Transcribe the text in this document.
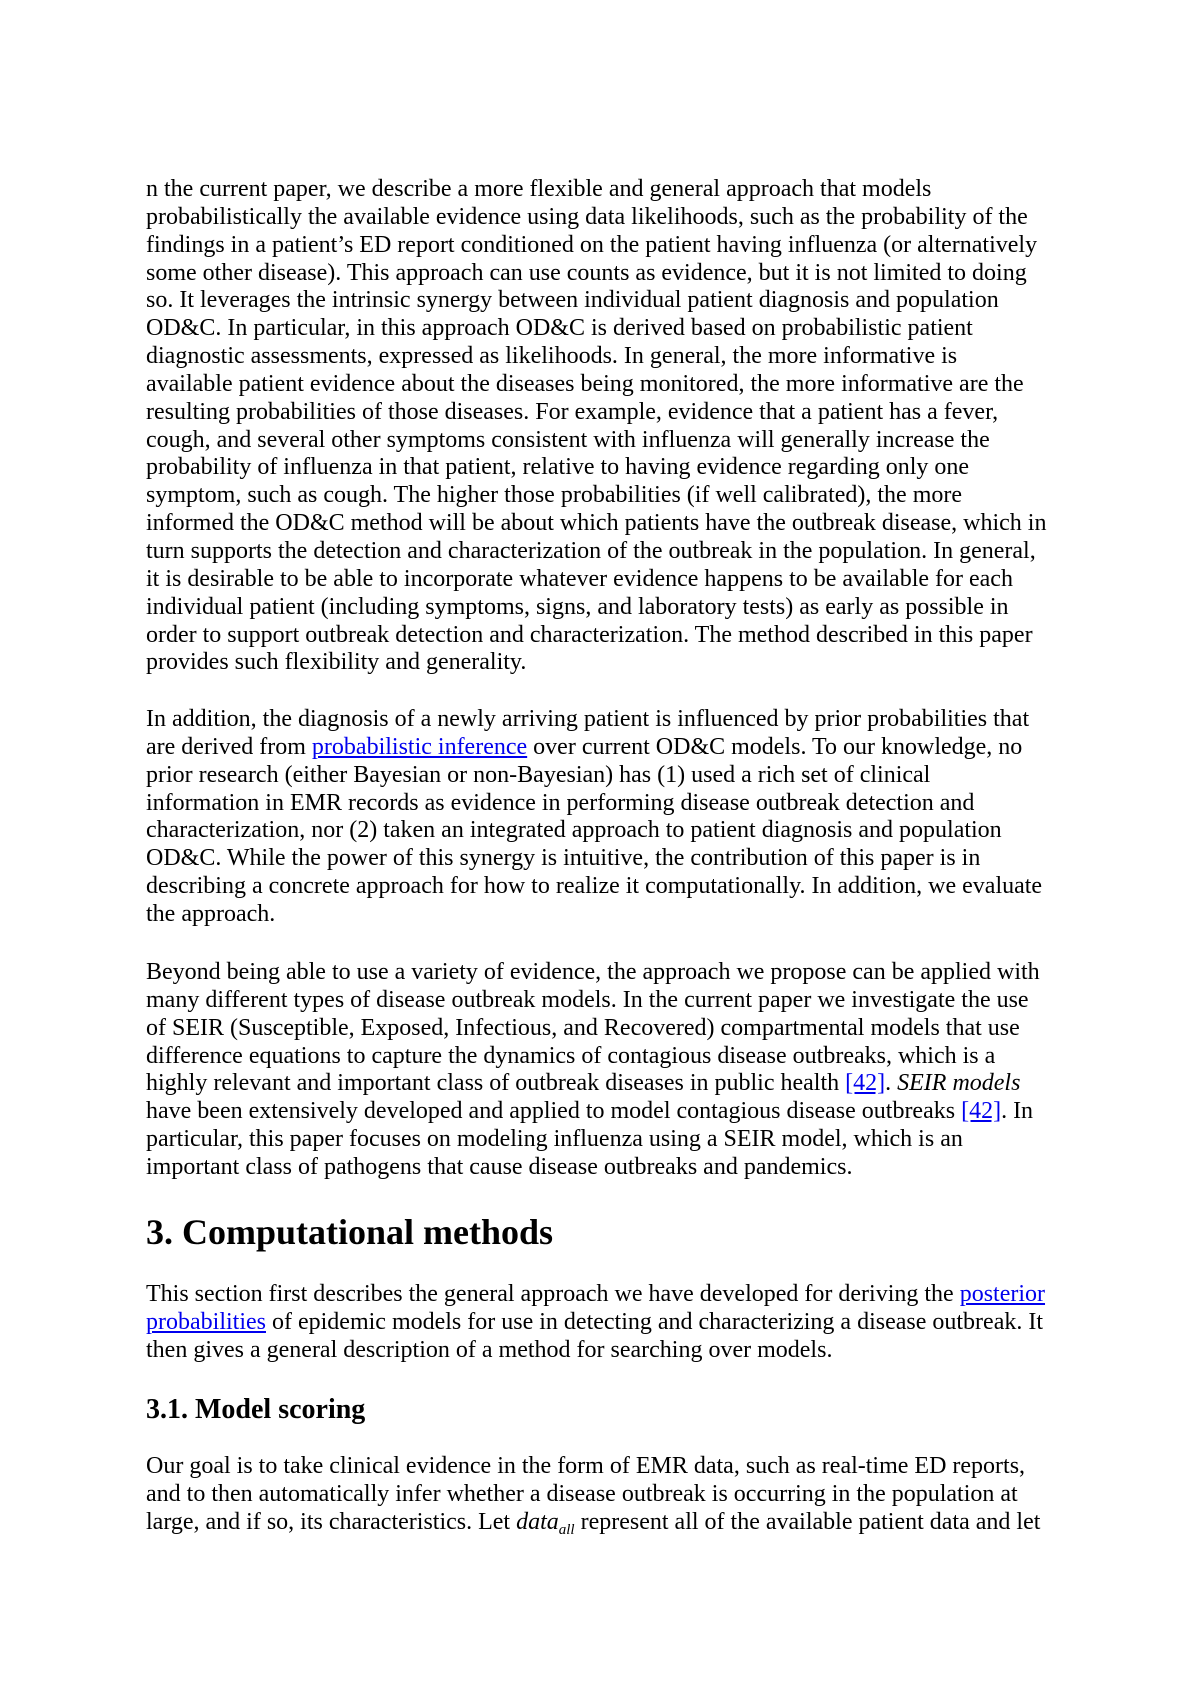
n the current paper, we describe a more flexible and general approach that models
probabilistically the available evidence using data likelihoods, such as the probability of the
findings in a patient’s ED report conditioned on the patient having influenza (or alternatively
some other disease). This approach can use counts as evidence, but it is not limited to doing
so. It leverages the intrinsic synergy between individual patient diagnosis and population
OD&C. In particular, in this approach OD&C is derived based on probabilistic patient
diagnostic assessments, expressed as likelihoods. In general, the more informative is
available patient evidence about the diseases being monitored, the more informative are the
resulting probabilities of those diseases. For example, evidence that a patient has a fever,
cough, and several other symptoms consistent with influenza will generally increase the
probability of influenza in that patient, relative to having evidence regarding only one
symptom, such as cough. The higher those probabilities (if well calibrated), the more
informed the OD&C method will be about which patients have the outbreak disease, which in
turn supports the detection and characterization of the outbreak in the population. In general,
it is desirable to be able to incorporate whatever evidence happens to be available for each
individual patient (including symptoms, signs, and laboratory tests) as early as possible in
order to support outbreak detection and characterization. The method described in this paper
provides such flexibility and generality.
In addition, the diagnosis of a newly arriving patient is influenced by prior probabilities that
are derived from probabilistic inference over current OD&C models. To our knowledge, no
prior research (either Bayesian or non-Bayesian) has (1) used a rich set of clinical
information in EMR records as evidence in performing disease outbreak detection and
characterization, nor (2) taken an integrated approach to patient diagnosis and population
OD&C. While the power of this synergy is intuitive, the contribution of this paper is in
describing a concrete approach for how to realize it computationally. In addition, we evaluate
the approach.
Beyond being able to use a variety of evidence, the approach we propose can be applied with
many different types of disease outbreak models. In the current paper we investigate the use
of SEIR (Susceptible, Exposed, Infectious, and Recovered) compartmental models that use
difference equations to capture the dynamics of contagious disease outbreaks, which is a
highly relevant and important class of outbreak diseases in public health [42]. SEIR models
have been extensively developed and applied to model contagious disease outbreaks [42]. In
particular, this paper focuses on modeling influenza using a SEIR model, which is an
important class of pathogens that cause disease outbreaks and pandemics.
3. Computational methods
This section first describes the general approach we have developed for deriving the posterior
probabilities of epidemic models for use in detecting and characterizing a disease outbreak. It
then gives a general description of a method for searching over models.
3.1. Model scoring
Our goal is to take clinical evidence in the form of EMR data, such as real-time ED reports,
and to then automatically infer whether a disease outbreak is occurring in the population at
large, and if so, its characteristics. Let data$_{all}$ represent all of the available patient data and let
